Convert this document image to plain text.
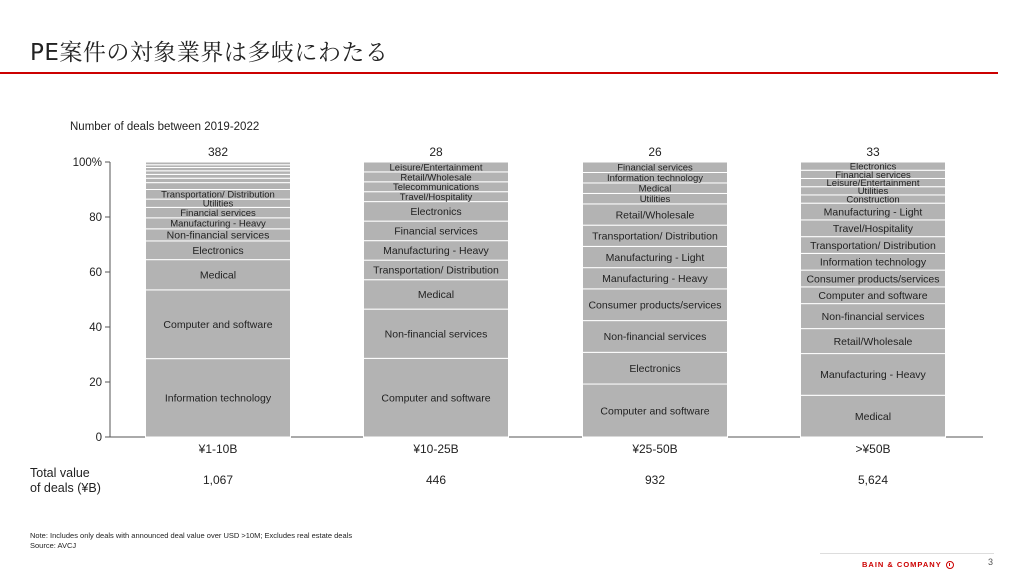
PE案件の対象業界は多岐にわたる
Number of deals between 2019-2022
0
20
40
60
80
100%
Information technology
Computer and software
Medical
Electronics
Non-financial services
Manufacturing - Heavy
Financial services
Utilities
Transportation/ Distribution
382
¥1-10B
1,067
Computer and software
Non-financial services
Medical
Transportation/ Distribution
Manufacturing - Heavy
Financial services
Electronics
Travel/Hospitality
Telecommunications
Retail/Wholesale
Leisure/Entertainment
28
¥10-25B
446
Computer and software
Electronics
Non-financial services
Consumer products/services
Manufacturing - Heavy
Manufacturing - Light
Transportation/ Distribution
Retail/Wholesale
Utilities
Medical
Information technology
Financial services
26
¥25-50B
932
Medical
Manufacturing - Heavy
Retail/Wholesale
Non-financial services
Computer and software
Consumer products/services
Information technology
Transportation/ Distribution
Travel/Hospitality
Manufacturing - Light
Construction
Utilities
Leisure/Entertainment
Financial services
Electronics
33
>¥50B
5,624
Total value
of deals (¥B)
Note: Includes only deals with announced deal value over USD >10M; Excludes real estate deals
Source: AVCJ
BAIN & COMPANY	3
